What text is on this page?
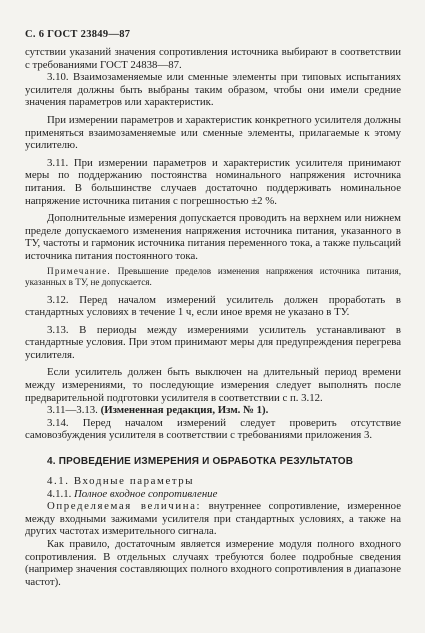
С. 6 ГОСТ 23849—87

сутствии указаний значения сопротивления источника выбирают в соответствии с требованиями ГОСТ 24838—87.

3.10. Взаимозаменяемые или сменные элементы при типовых испытаниях усилителя должны быть выбраны таким образом, чтобы они имели средние значения параметров или характеристик.

При измерении параметров и характеристик конкретного усилителя должны применяться взаимозаменяемые или сменные элементы, прилагаемые к этому усилителю.

3.11. При измерении параметров и характеристик усилителя принимают меры по поддержанию постоянства номинального напряжения источника питания. В большинстве случаев достаточно поддерживать номинальное напряжение источника питания с погрешностью ±2 %.

Дополнительные измерения допускается проводить на верхнем или нижнем пределе допускаемого изменения напряжения источника питания, указанного в ТУ, частоты и гармоник источника питания переменного тока, а также пульсаций источника питания постоянного тока.

Примечание. Превышение пределов изменения напряжения источника питания, указанных в ТУ, не допускается.

3.12. Перед началом измерений усилитель должен проработать в стандартных условиях в течение 1 ч, если иное время не указано в ТУ.

3.13. В периоды между измерениями усилитель устанавливают в стандартные условия. При этом принимают меры для предупреждения перегрева усилителя.

Если усилитель должен быть выключен на длительный период времени между измерениями, то последующие измерения следует выполнять после предварительной подготовки усилителя в соответствии с п. 3.12.

3.11—3.13. (Измененная редакция, Изм. № 1).

3.14. Перед началом измерений следует проверить отсутствие самовозбуждения усилителя в соответствии с требованиями приложения 3.

4. ПРОВЕДЕНИЕ ИЗМЕРЕНИЯ И ОБРАБОТКА РЕЗУЛЬТАТОВ

4.1. Входные параметры

4.1.1. Полное входное сопротивление

Определяемая величина: внутреннее сопротивление, измеренное между входными зажимами усилителя при стандартных условиях, а также на других частотах измерительного сигнала.

Как правило, достаточным является измерение модуля полного входного сопротивления. В отдельных случаях требуются более подробные сведения (например значения составляющих полного входного сопротивления в диапазоне частот).
